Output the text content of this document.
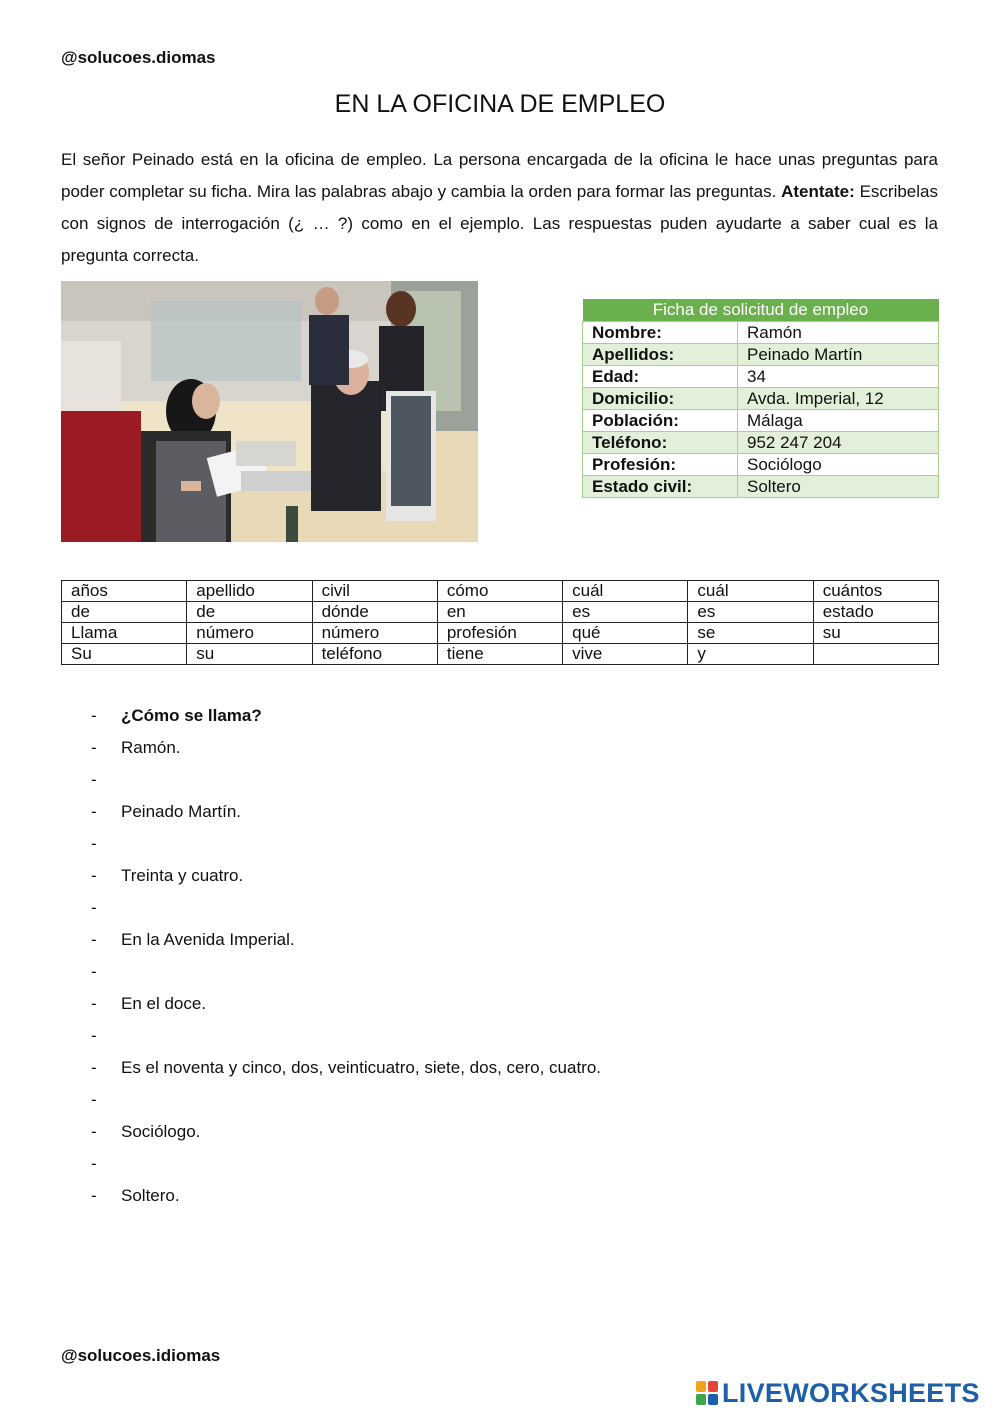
@solucoes.diomas
EN LA OFICINA DE EMPLEO

El señor Peinado está en la oficina de empleo. La persona encargada de la oficina le hace unas preguntas para poder completar su ficha. Mira las palabras abajo y cambia la orden para formar las preguntas. Atentate: Escribelas con signos de interrogación (¿ … ?) como en el ejemplo. Las respuestas puden ayudarte a saber cual es la pregunta correcta.

Ficha de solicitud de empleo	
Nombre:	Ramón
Apellidos:	Peinado Martín
Edad:	34
Domicilio:	Avda. Imperial, 12
Población:	Málaga
Teléfono:	952 247 204
Profesión:	Sociólogo
Estado civil:	Soltero
años	apellido	civil	cómo	cuál	cuál	cuántos
de	de	dónde	en	es	es	estado
Llama	número	número	profesión	qué	se	su
Su	su	teléfono	tiene	vive	y	
- ¿Cómo se llama?
- Ramón.
-
- Peinado Martín.
-
- Treinta y cuatro.
-
- En la Avenida Imperial.
-
- En el doce.
-
- Es el noventa y cinco, dos, veinticuatro, siete, dos, cero, cuatro.
-
- Sociólogo.
-
- Soltero.
@solucoes.idiomas
LIVEWORKSHEETS
